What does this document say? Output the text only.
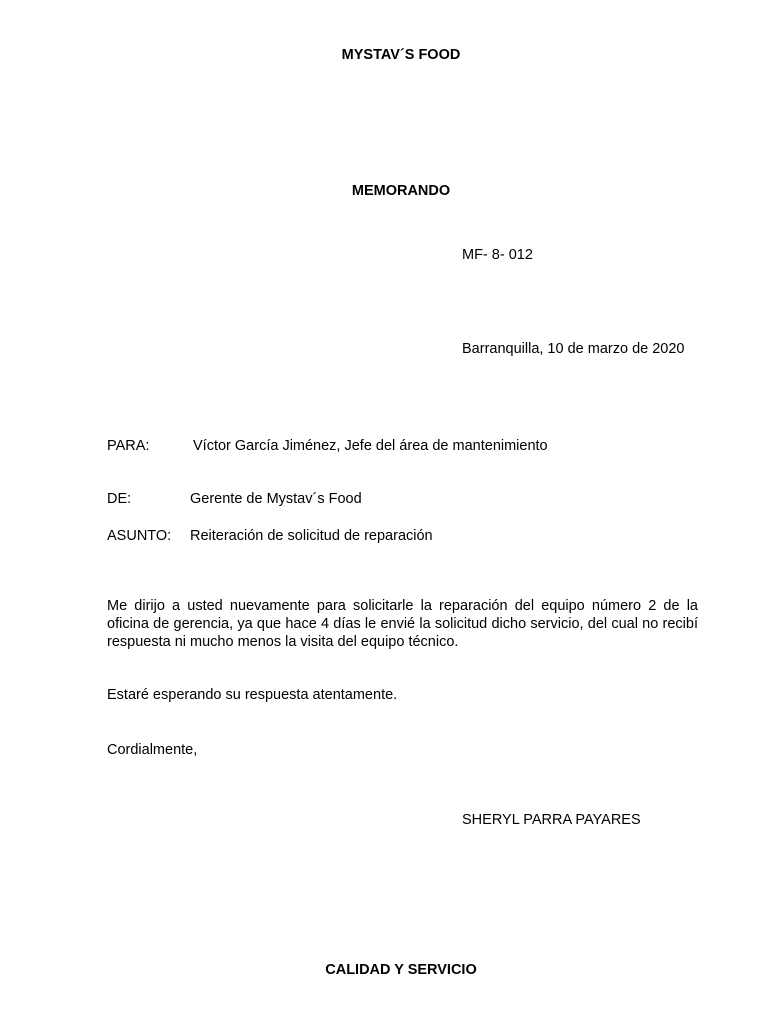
MYSTAV´S FOOD
MEMORANDO
MF- 8- 012
Barranquilla, 10 de marzo de 2020
PARA:	Víctor García Jiménez, Jefe del área de mantenimiento
DE:	Gerente de Mystav´s Food
ASUNTO: Reiteración de solicitud de reparación
Me dirijo a usted nuevamente para solicitarle la reparación del equipo número 2 de la oficina de gerencia, ya que hace 4 días le envié la solicitud dicho servicio, del cual no recibí respuesta ni mucho menos la visita del equipo técnico.
Estaré esperando su respuesta atentamente.
Cordialmente,
SHERYL PARRA PAYARES
CALIDAD Y SERVICIO
